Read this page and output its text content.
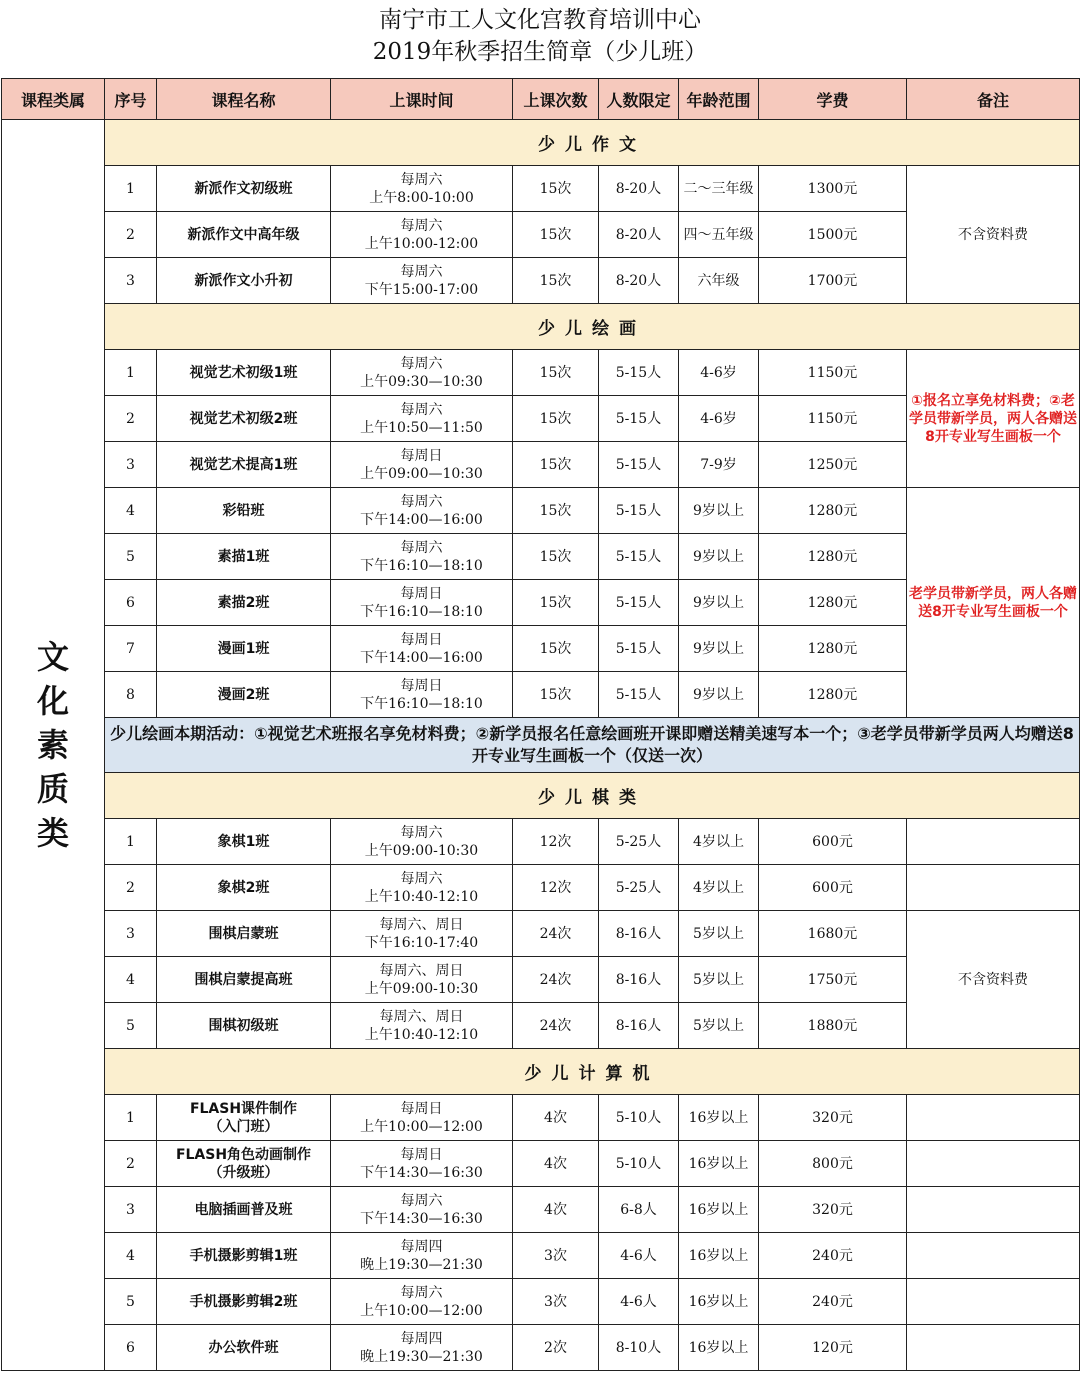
南宁市工人文化宫教育培训中心
2019年秋季招生简章（少儿班）
课程类属	序号	课程名称	上课时间	上课次数	人数限定	年龄范围	学费	备注
文化素质类	少儿作文							
	1	新派作文初级班	每周六
上午8:00-10:00	15次	8-20人	二～三年级	1300元	不含资料费
	2	新派作文中高年级	每周六
上午10:00-12:00	15次	8-20人	四～五年级	1500元	
	3	新派作文小升初	每周六
下午15:00-17:00	15次	8-20人	六年级	1700元	
	少儿绘画							
	1	视觉艺术初级1班	每周六
上午09:30—10:30	15次	5-15人	4-6岁	1150元	①报名立享免材料费；②老学员带新学员，两人各赠送8开专业写生画板一个
	2	视觉艺术初级2班	每周六
上午10:50—11:50	15次	5-15人	4-6岁	1150元	
	3	视觉艺术提高1班	每周日
上午09:00—10:30	15次	5-15人	7-9岁	1250元	
	4	彩铅班	每周六
下午14:00—16:00	15次	5-15人	9岁以上	1280元	老学员带新学员，两人各赠送8开专业写生画板一个
	5	素描1班	每周六
下午16:10—18:10	15次	5-15人	9岁以上	1280元	
	6	素描2班	每周日
下午16:10—18:10	15次	5-15人	9岁以上	1280元	
	7	漫画1班	每周日
下午14:00—16:00	15次	5-15人	9岁以上	1280元	
	8	漫画2班	每周日
下午16:10—18:10	15次	5-15人	9岁以上	1280元	
	少儿绘画本期活动：①视觉艺术班报名享免材料费；②新学员报名任意绘画班开课即赠送精美速写本一个；③老学员带新学员两人均赠送8开专业写生画板一个（仅送一次）							
	少儿棋类							
	1	象棋1班	每周六
上午09:00-10:30	12次	5-25人	4岁以上	600元	
	2	象棋2班	每周六
上午10:40-12:10	12次	5-25人	4岁以上	600元	
	3	围棋启蒙班	每周六、周日
下午16:10-17:40	24次	8-16人	5岁以上	1680元	不含资料费
	4	围棋启蒙提高班	每周六、周日
上午09:00-10:30	24次	8-16人	5岁以上	1750元	
	5	围棋初级班	每周六、周日
上午10:40-12:10	24次	8-16人	5岁以上	1880元	
	少儿计算机							
	1	FLASH课件制作
（入门班）	每周日
上午10:00—12:00	4次	5-10人	16岁以上	320元	
	2	FLASH角色动画制作
（升级班）	每周日
下午14:30—16:30	4次	5-10人	16岁以上	800元	
	3	电脑插画普及班	每周六
下午14:30—16:30	4次	6-8人	16岁以上	320元	
	4	手机摄影剪辑1班	每周四
晚上19:30—21:30	3次	4-6人	16岁以上	240元	
	5	手机摄影剪辑2班	每周六
上午10:00—12:00	3次	4-6人	16岁以上	240元	
	6	办公软件班	每周四
晚上19:30—21:30	2次	8-10人	16岁以上	120元	
